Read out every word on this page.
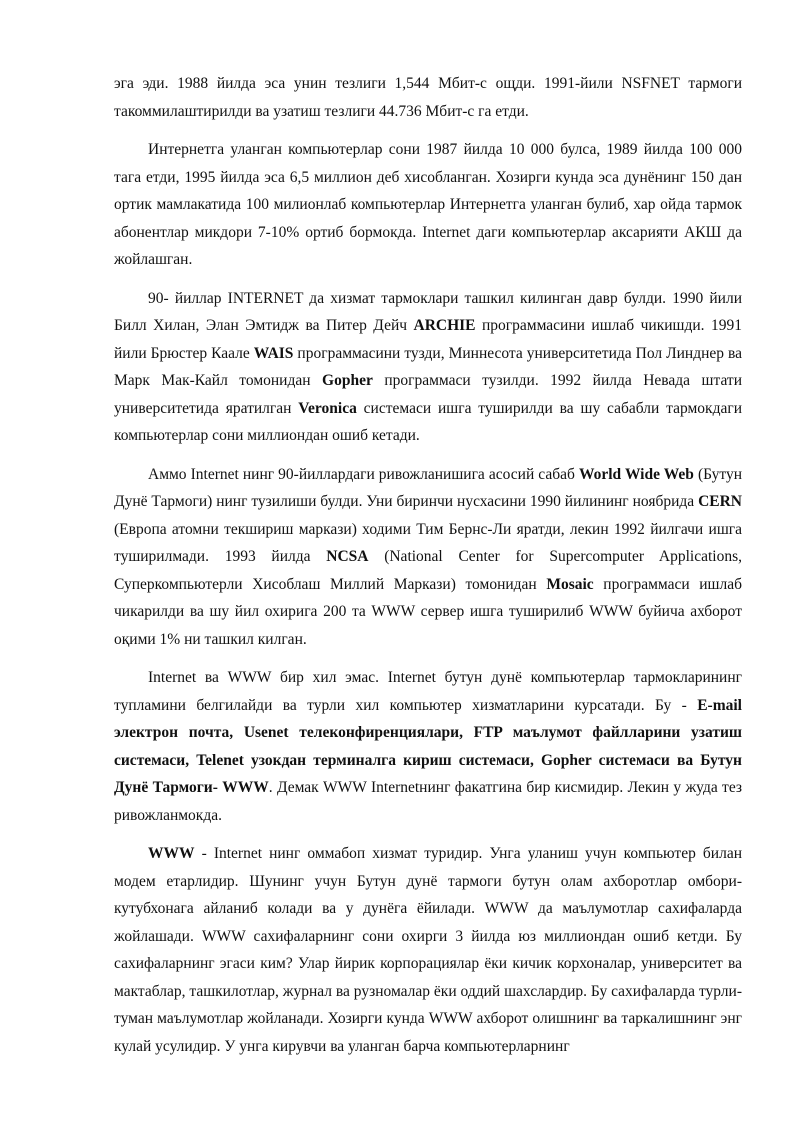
эга эди. 1988 йилда эса унин тезлиги 1,544 Мбит-с ощди. 1991-йили NSFNET тармоги такоммилаштирилди ва узатиш тезлиги 44.736 Мбит-с га етди.

Интернетга уланган компьютерлар сони 1987 йилда 10 000 булса, 1989 йилда 100 000 тага етди, 1995 йилда эса 6,5 миллион деб хисобланган. Хозирги кунда эса дунёнинг 150 дан ортик мамлакатида 100 милионлаб компьютерлар Интернетга уланган булиб, хар ойда тармок абонентлар микдори 7-10% ортиб бормокда. Internet даги компьютерлар аксарияти АКШ да жойлашган.

90- йиллар INTERNET да хизмат тармоклари ташкил килинган давр булди. 1990 йили Билл Хилан, Элан Эмтидж ва Питер Дейч ARCHIE программасини ишлаб чикишди. 1991 йили Брюстер Каале WAIS программасини тузди, Миннесота университетида Пол Линднер ва Марк Мак-Кайл томонидан Gopher программаси тузилди. 1992 йилда Невада штати университетида яратилган Veronica системаси ишга туширилди ва шу сабабли тармокдаги компьютерлар сони миллиондан ошиб кетади.

Аммо Internet нинг 90-йиллардаги ривожланишига асосий сабаб World Wide Web (Бутун Дунё Тармоги) нинг тузилиши булди. Уни биринчи нусхасини 1990 йилининг ноябрида CERN (Европа атомни текшириш маркази) ходими Тим Бернс-Ли яратди, лекин 1992 йилгачи ишга туширилмади. 1993 йилда NCSA (National Center for Supercomputer Applications, Суперкомпьютерли Хисоблаш Миллий Маркази) томонидан Mosaic программаси ишлаб чикарилди ва шу йил охирига 200 та WWW сервер ишга туширилиб WWW буйича ахборот оқими 1% ни ташкил килган.

Internet ва WWW бир хил эмас. Internet бутун дунё компьютерлар тармокларининг тупламини белгилайди ва турли хил компьютер хизматларини курсатади. Бу - E-mail электрон почта, Usenet телеконфиренциялари, FTP маълумот файлларини узатиш системаси, Telenet узокдан терминалга кириш системаси, Gopher системаси ва Бутун Дунё Тармоги- WWW. Демак WWW Internetнинг факатгина бир кисмидир. Лекин у жуда тез ривожланмокда.

WWW - Internet нинг оммабоп хизмат туридир. Унга уланиш учун компьютер билан модем етарлидир. Шунинг учун Бутун дунё тармоги бутун олам ахборотлар омбори-кутубхонага айланиб колади ва у дунёга ёйилади. WWW да маълумотлар сахифаларда жойлашади. WWW сахифаларнинг сони охирги 3 йилда юз миллиондан ошиб кетди. Бу сахифаларнинг эгаси ким? Улар йирик корпорациялар ёки кичик корхоналар, университет ва мактаблар, ташкилотлар, журнал ва рузномалар ёки оддий шахслардир. Бу сахифаларда турли-туман маълумотлар жойланади. Хозирги кунда WWW ахборот олишнинг ва таркалишнинг энг кулай усулидир. У унга кирувчи ва уланган барча компьютерларнинг
